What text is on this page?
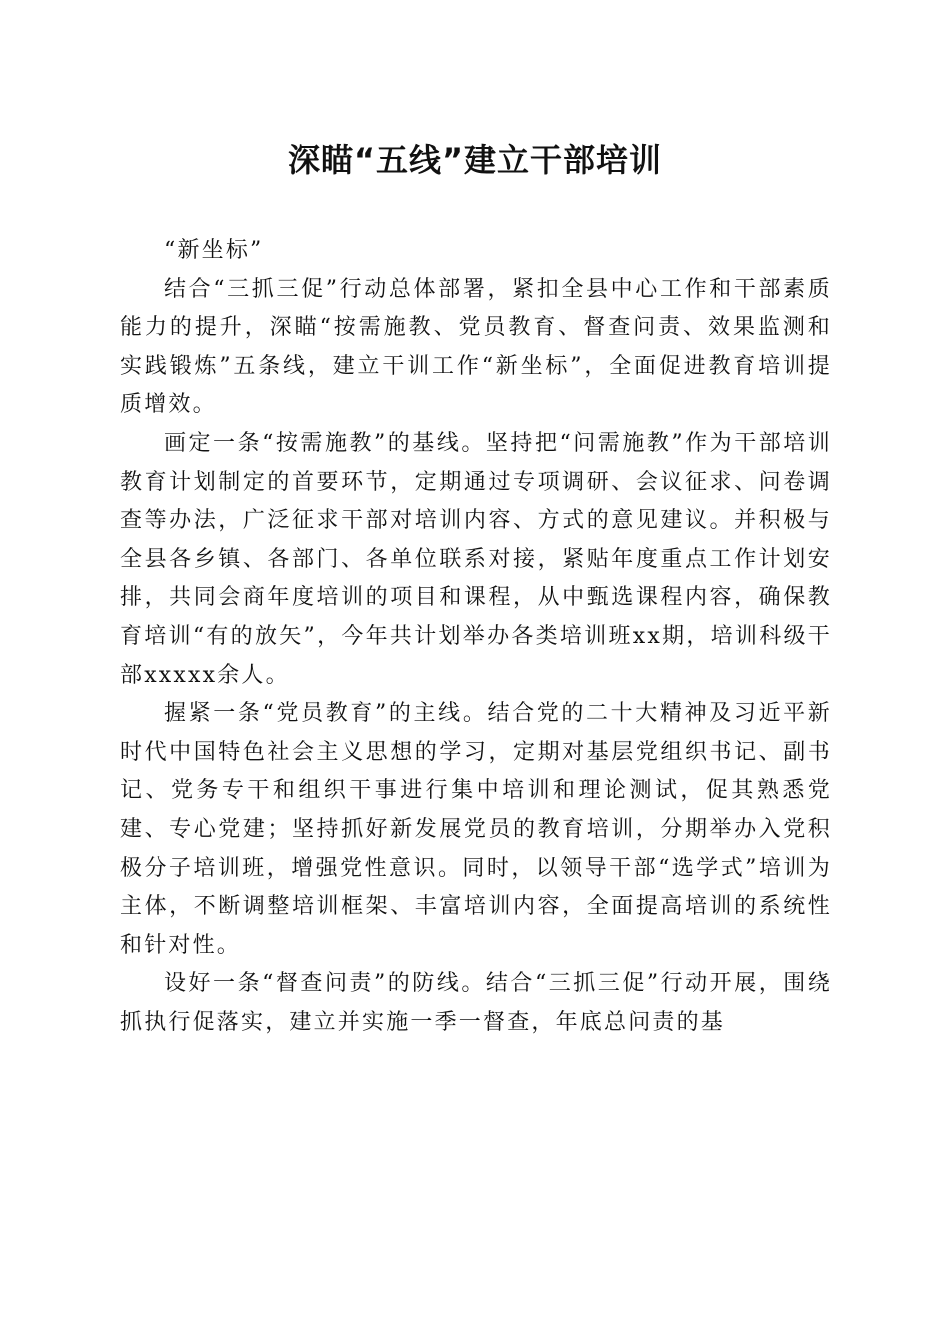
深瞄“五线”建立干部培训

“新坐标”

结合“三抓三促”行动总体部署，紧扣全县中心工作和干部素质能力的提升，深瞄“按需施教、党员教育、督查问责、效果监测和实践锻炼”五条线，建立干训工作“新坐标”，全面促进教育培训提质增效。

画定一条“按需施教”的基线。坚持把“问需施教”作为干部培训教育计划制定的首要环节，定期通过专项调研、会议征求、问卷调查等办法，广泛征求干部对培训内容、方式的意见建议。并积极与全县各乡镇、各部门、各单位联系对接，紧贴年度重点工作计划安排，共同会商年度培训的项目和课程，从中甄选课程内容，确保教育培训“有的放矢”，今年共计划举办各类培训班xx期，培训科级干部xxxxx余人。

握紧一条“党员教育”的主线。结合党的二十大精神及习近平新时代中国特色社会主义思想的学习，定期对基层党组织书记、副书记、党务专干和组织干事进行集中培训和理论测试，促其熟悉党建、专心党建；坚持抓好新发展党员的教育培训，分期举办入党积极分子培训班，增强党性意识。同时，以领导干部“选学式”培训为主体，不断调整培训框架、丰富培训内容，全面提高培训的系统性和针对性。

设好一条“督查问责”的防线。结合“三抓三促”行动开展，围绕抓执行促落实，建立并实施一季一督查，年底总问责的基
